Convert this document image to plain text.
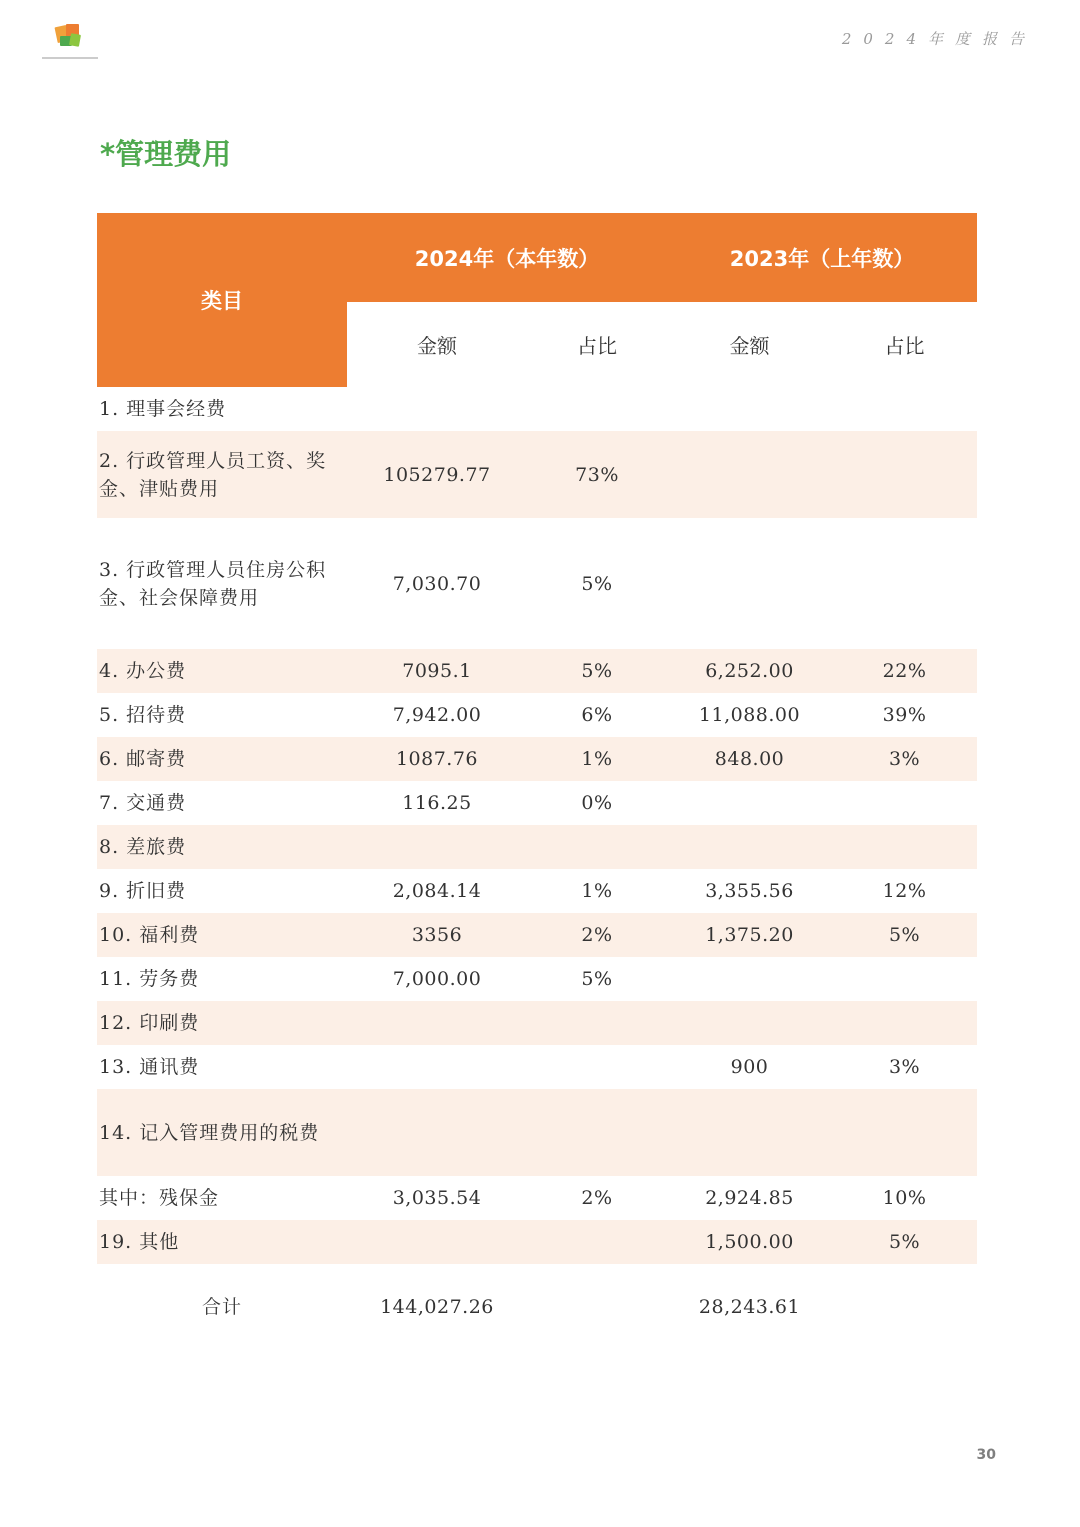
2024年度报告
*管理费用
类目	2024年（本年数）		2023年（上年数）	
	金额	占比	金额	占比
1. 理事会经费				
2. 行政管理人员工资、奖金、津贴费用	105279.77	73%		
3. 行政管理人员住房公积金、社会保障费用	7,030.70	5%		
4. 办公费	7095.1	5%	6,252.00	22%
5. 招待费	7,942.00	6%	11,088.00	39%
6. 邮寄费	1087.76	1%	848.00	3%
7. 交通费	116.25	0%		
8. 差旅费				
9. 折旧费	2,084.14	1%	3,355.56	12%
10. 福利费	3356	2%	1,375.20	5%
11. 劳务费	7,000.00	5%		
12. 印刷费				
13. 通讯费			900	3%
14. 记入管理费用的税费				
其中：残保金	3,035.54	2%	2,924.85	10%
19. 其他			1,500.00	5%
合计	144,027.26		28,243.61	
30
